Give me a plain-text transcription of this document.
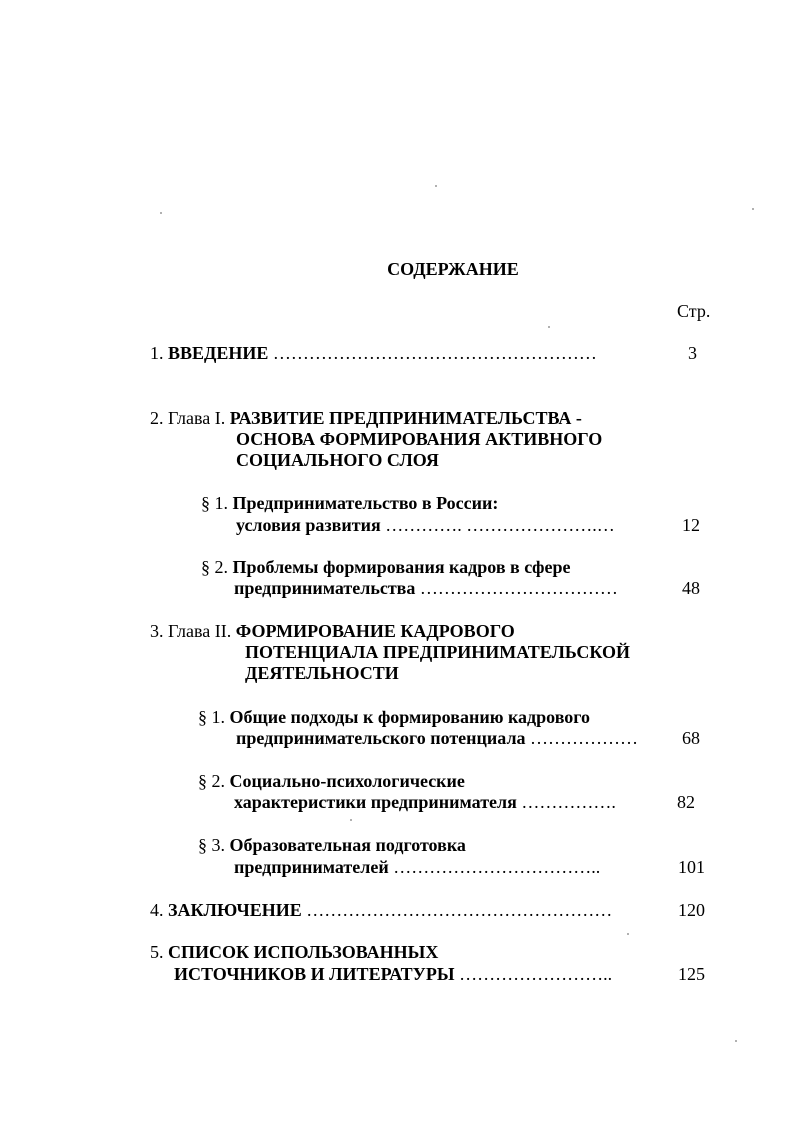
СОДЕРЖАНИЕ
Стр.
1. ВВЕДЕНИЕ ………………………………………………	3
2. Глава I. РАЗВИТИЕ ПРЕДПРИНИМАТЕЛЬСТВА -
ОСНОВА ФОРМИРОВАНИЯ АКТИВНОГО
СОЦИАЛЬНОГО СЛОЯ
§ 1. Предпринимательство в России:
условия развития …………. ………………….…	12
§ 2. Проблемы формирования кадров в сфере
предпринимательства ……………………………	48
3. Глава II. ФОРМИРОВАНИЕ КАДРОВОГО
ПОТЕНЦИАЛА ПРЕДПРИНИМАТЕЛЬСКОЙ
ДЕЯТЕЛЬНОСТИ
§ 1. Общие подходы к формированию кадрового
предпринимательского потенциала ………………	68
§ 2. Социально-психологические
характеристики предпринимателя …………….	82
§ 3. Образовательная подготовка
предпринимателей ……………………………..	101
4. ЗАКЛЮЧЕНИЕ ……………………………………………	120
5. СПИСОК ИСПОЛЬЗОВАННЫХ
ИСТОЧНИКОВ И ЛИТЕРАТУРЫ ……………………..	125
